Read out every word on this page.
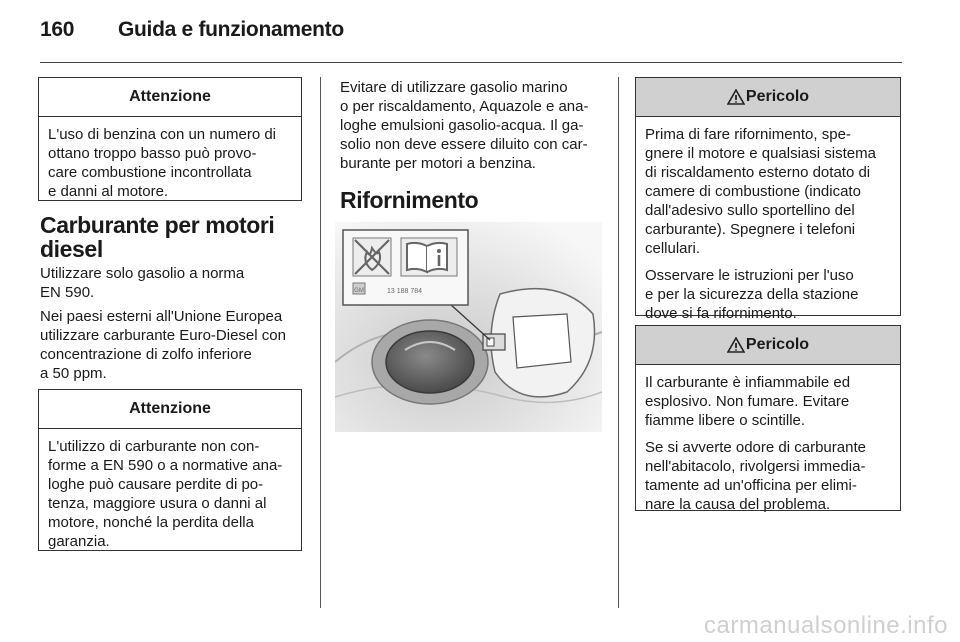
160 Guida e funzionamento
Attenzione
L'uso di benzina con un numero di
ottano troppo basso può provo-
care combustione incontrollata
e danni al motore.
Carburante per motori
diesel

Utilizzare solo gasolio a norma
EN 590.

Nei paesi esterni all'Unione Europea
utilizzare carburante Euro-Diesel con
concentrazione di zolfo inferiore
a 50 ppm.

Attenzione
L'utilizzo di carburante non con-
forme a EN 590 o a normative ana-
loghe può causare perdite di po-
tenza, maggiore usura o danni al
motore, nonché la perdita della
garanzia.
Evitare di utilizzare gasolio marino
o per riscaldamento, Aquazole e ana-
loghe emulsioni gasolio-acqua. Il ga-
solio non deve essere diluito con car-
burante per motori a benzina.
Rifornimento
GM	13 188 784
Pericolo

Prima di fare rifornimento, spe-
gnere il motore e qualsiasi sistema
di riscaldamento esterno dotato di
camere di combustione (indicato
dall'adesivo sullo sportellino del
carburante). Spegnere i telefoni
cellulari.

Osservare le istruzioni per l'uso
e per la sicurezza della stazione
dove si fa rifornimento.

Pericolo

Il carburante è infiammabile ed
esplosivo. Non fumare. Evitare
fiamme libere o scintille.

Se si avverte odore di carburante
nell'abitacolo, rivolgersi immedia-
tamente ad un'officina per elimi-
nare la causa del problema.

carmanualsonline.info
